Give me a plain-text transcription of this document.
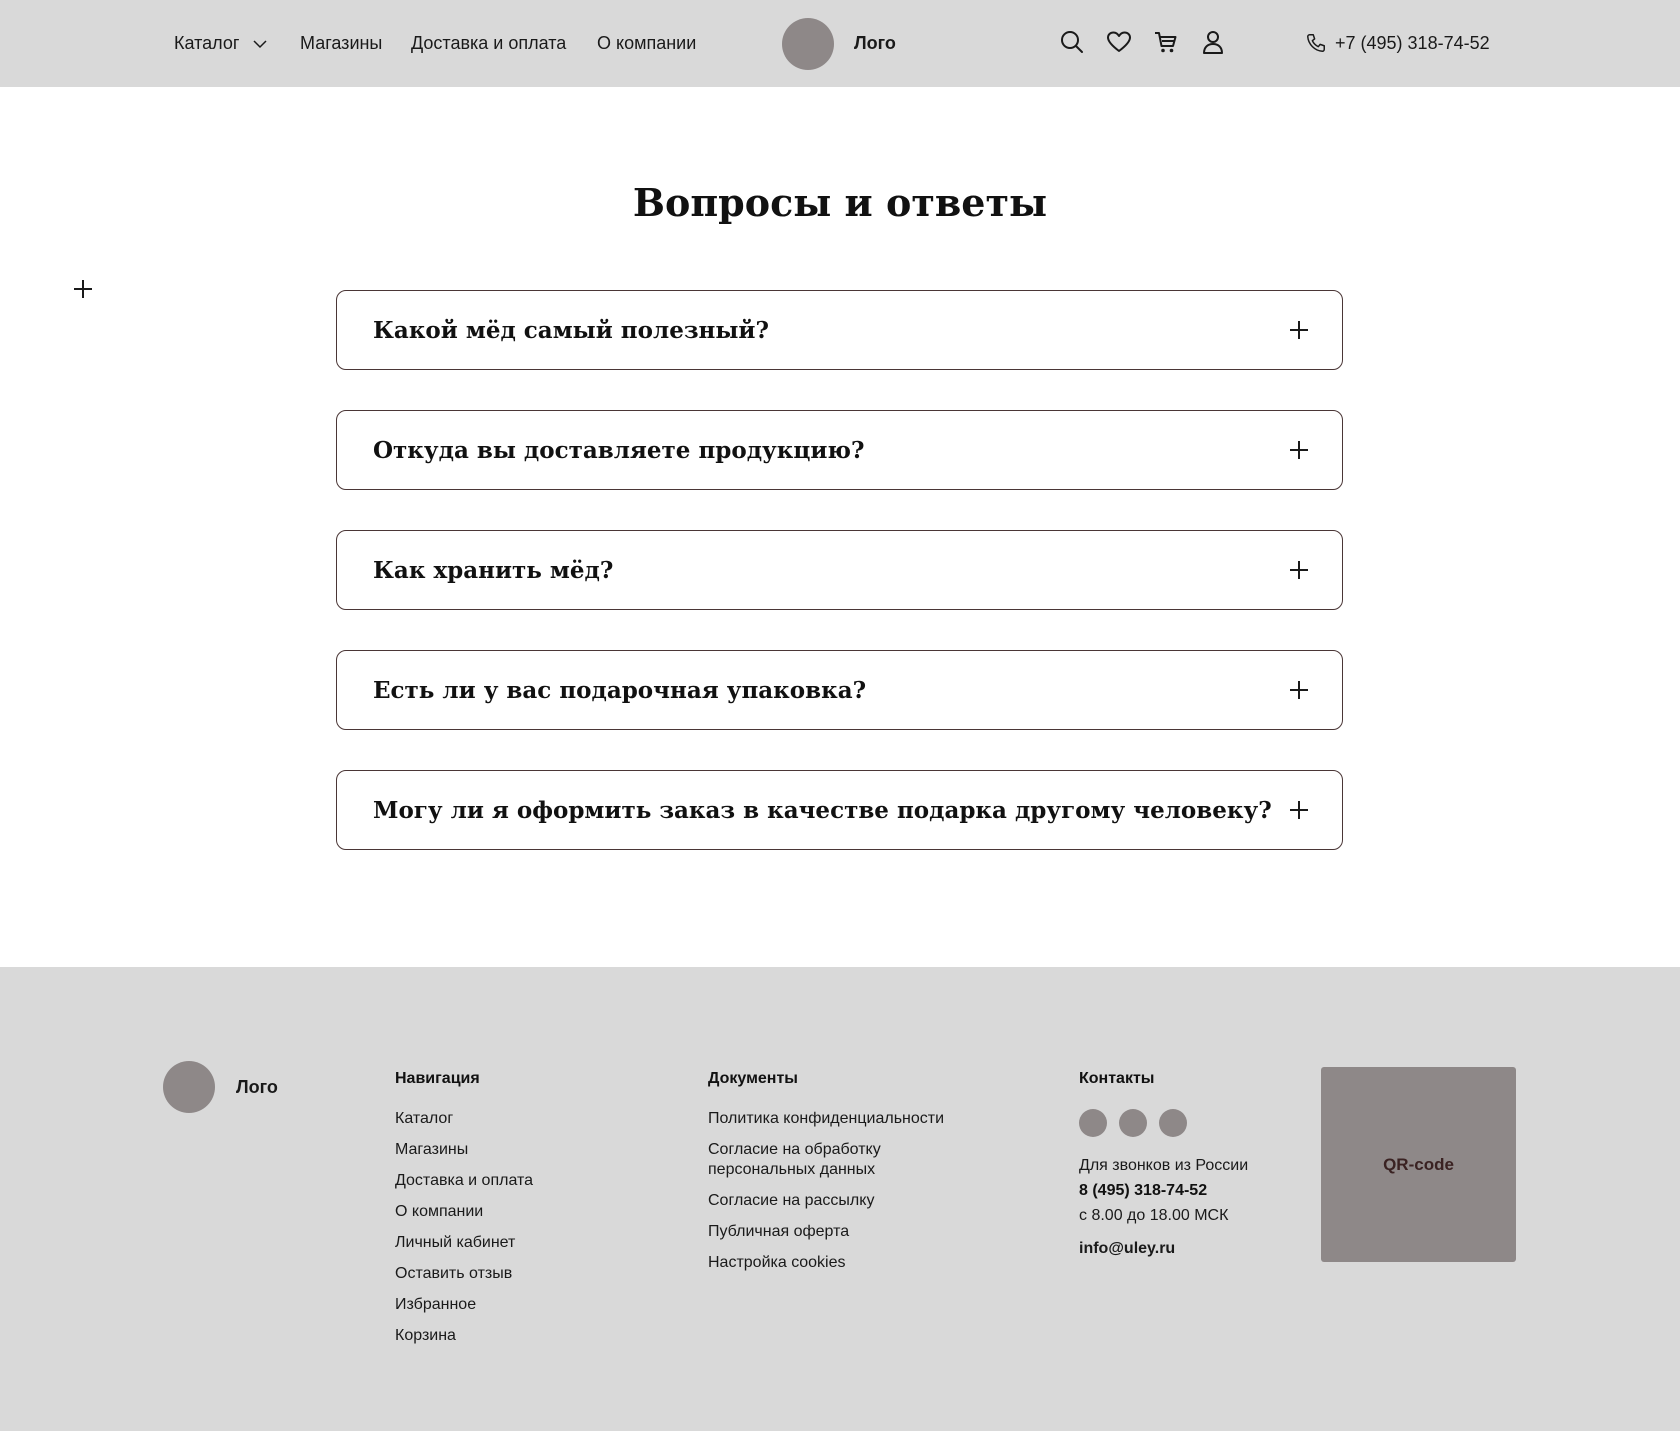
Каталог	Магазины Доставка и оплата О компании	Лого	+7 (495) 318-74-52
Вопросы и ответы
Какой мёд самый полезный?
Откуда вы доставляете продукцию?
Как хранить мёд?
Есть ли у вас подарочная упаковка?
Могу ли я оформить заказ в качестве подарка другому человеку?
Лого	Навигация
Каталог
Магазины
Доставка и оплата
О компании
Личный кабинет
Оставить отзыв
Избранное
Корзина
Документы
Политика конфиденциальности
Согласие на обработку персональных данных
Согласие на рассылку
Публичная оферта
Настройка cookies
Контакты
Для звонков из России
8 (495) 318-74-52
с 8.00 до 18.00 МСК
info@uley.ru
QR-code
